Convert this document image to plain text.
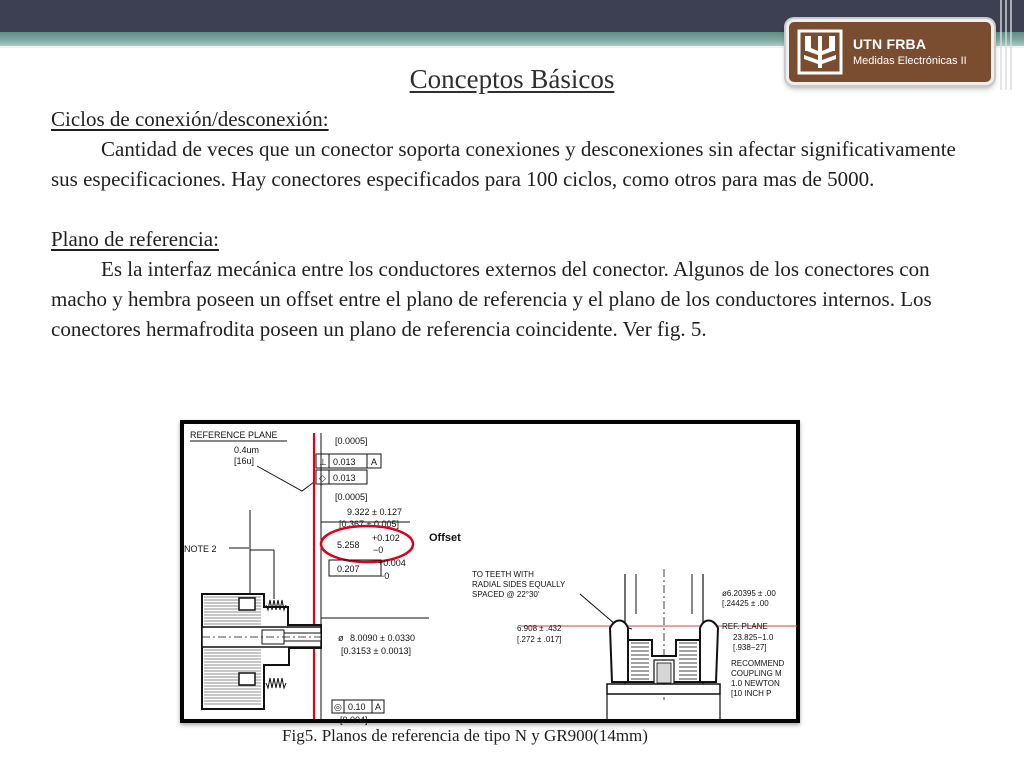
UTN FRBA
Medidas Electrónicas II
Conceptos Básicos

Ciclos de conexión/desconexión:

Cantidad de veces que un conector soporta conexiones y desconexiones sin afectar significativamente sus especificaciones. Hay conectores especificados para 100 ciclos, como otros para mas de 5000.

Plano de referencia:

Es la interfaz mecánica entre los conductores externos del conector. Algunos de los conectores con macho y hembra poseen un offset entre el plano de referencia y el plano de los conductores internos. Los conectores hermafrodita poseen un plano de referencia coincidente. Ver fig. 5.

REFERENCE PLANE
0.4um
[16u]
[0.0005]
⊥ 0.013 A
◇ 0.013
[0.0005]
9.322 ± 0.127
[0.367 ± 0.005]
5.258
+0.102
−0
Offset
NOTE 2
0.207
+0.004
−0
ø 8.0090 ± 0.0330
[0.3153 ± 0.0013]
◎ 0.10 A
[0.004]
TO TEETH WITH
RADIAL SIDES EQUALLY
SPACED @ 22°30'
6.908 ± .432
[.272 ± .017]
ø6.20395 ± .00
[.24425 ± .00
REF. PLANE
23.825−1.0
[.938−27]
RECOMMEND
COUPLING M
1.0 NEWTON
[10 INCH P
Fig5. Planos de referencia de tipo N y GR900(14mm)
